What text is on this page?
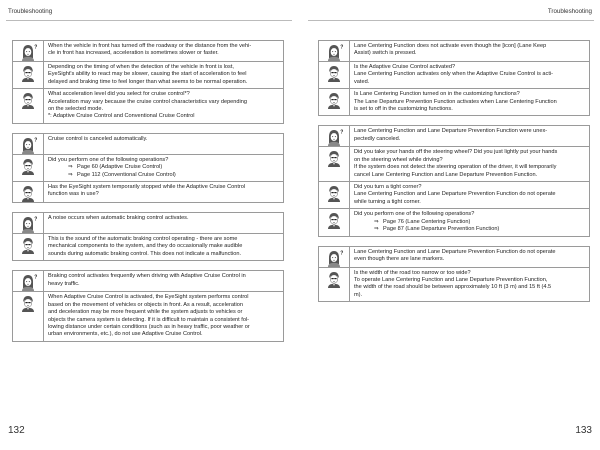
Troubleshooting	Troubleshooting
? When the vehicle in front has turned off the roadway or the distance from the vehi-
cle in front has increased, acceleration is sometimes slower or faster.
Depending on the timing of when the detection of the vehicle in front is lost,
EyeSight's ability to react may be slower, causing the start of acceleration to feel
delayed and braking time to feel longer than what seems to be normal operation.
What acceleration level did you select for cruise control*?
Acceleration may vary because the cruise control characteristics vary depending
on the selected mode.
*: Adaptive Cruise Control and Conventional Cruise Control
? Cruise control is canceled automatically.
Did you perform one of the following operations?
⇒ Page 60 (Adaptive Cruise Control)
⇒ Page 112 (Conventional Cruise Control)
Has the EyeSight system temporarily stopped while the Adaptive Cruise Control
function was in use?
? A noise occurs when automatic braking control activates.
This is the sound of the automatic braking control operating - there are some
mechanical components to the system, and they do occasionally make audible
sounds during automatic braking control. This does not indicate a malfunction.
? Braking control activates frequently when driving with Adaptive Cruise Control in
heavy traffic.
When Adaptive Cruise Control is activated, the EyeSight system performs control
based on the movement of vehicles or objects in front. As a result, acceleration
and deceleration may be more frequent while the system adjusts to vehicles or
objects the camera system is detecting. If it is difficult to maintain a consistent fol-
lowing distance under certain conditions (such as in heavy traffic, poor weather or
urban environments, etc.), do not use Adaptive Cruise Control.
? Lane Centering Function does not activate even though the [icon] (Lane Keep
Assist) switch is pressed.
Is the Adaptive Cruise Control activated?
Lane Centering Function activates only when the Adaptive Cruise Control is acti-
vated.
Is Lane Centering Function turned on in the customizing functions?
The Lane Departure Prevention Function activates when Lane Centering Function
is set to off in the customizing functions.
? Lane Centering Function and Lane Departure Prevention Function were unex-
pectedly canceled.
Did you take your hands off the steering wheel? Did you just lightly put your hands
on the steering wheel while driving?
If the system does not detect the steering operation of the driver, it will temporarily
cancel Lane Centering Function and Lane Departure Prevention Function.
Did you turn a tight corner?
Lane Centering Function and Lane Departure Prevention Function do not operate
while turning a tight corner.
Did you perform one of the following operations?
⇒ Page 76 (Lane Centering Function)
⇒ Page 87 (Lane Departure Prevention Function)
? Lane Centering Function and Lane Departure Prevention Function do not operate
even though there are lane markers.
Is the width of the road too narrow or too wide?
To operate Lane Centering Function and Lane Departure Prevention Function,
the width of the road should be between approximately 10 ft (3 m) and 15 ft (4.5
m).
132	133
